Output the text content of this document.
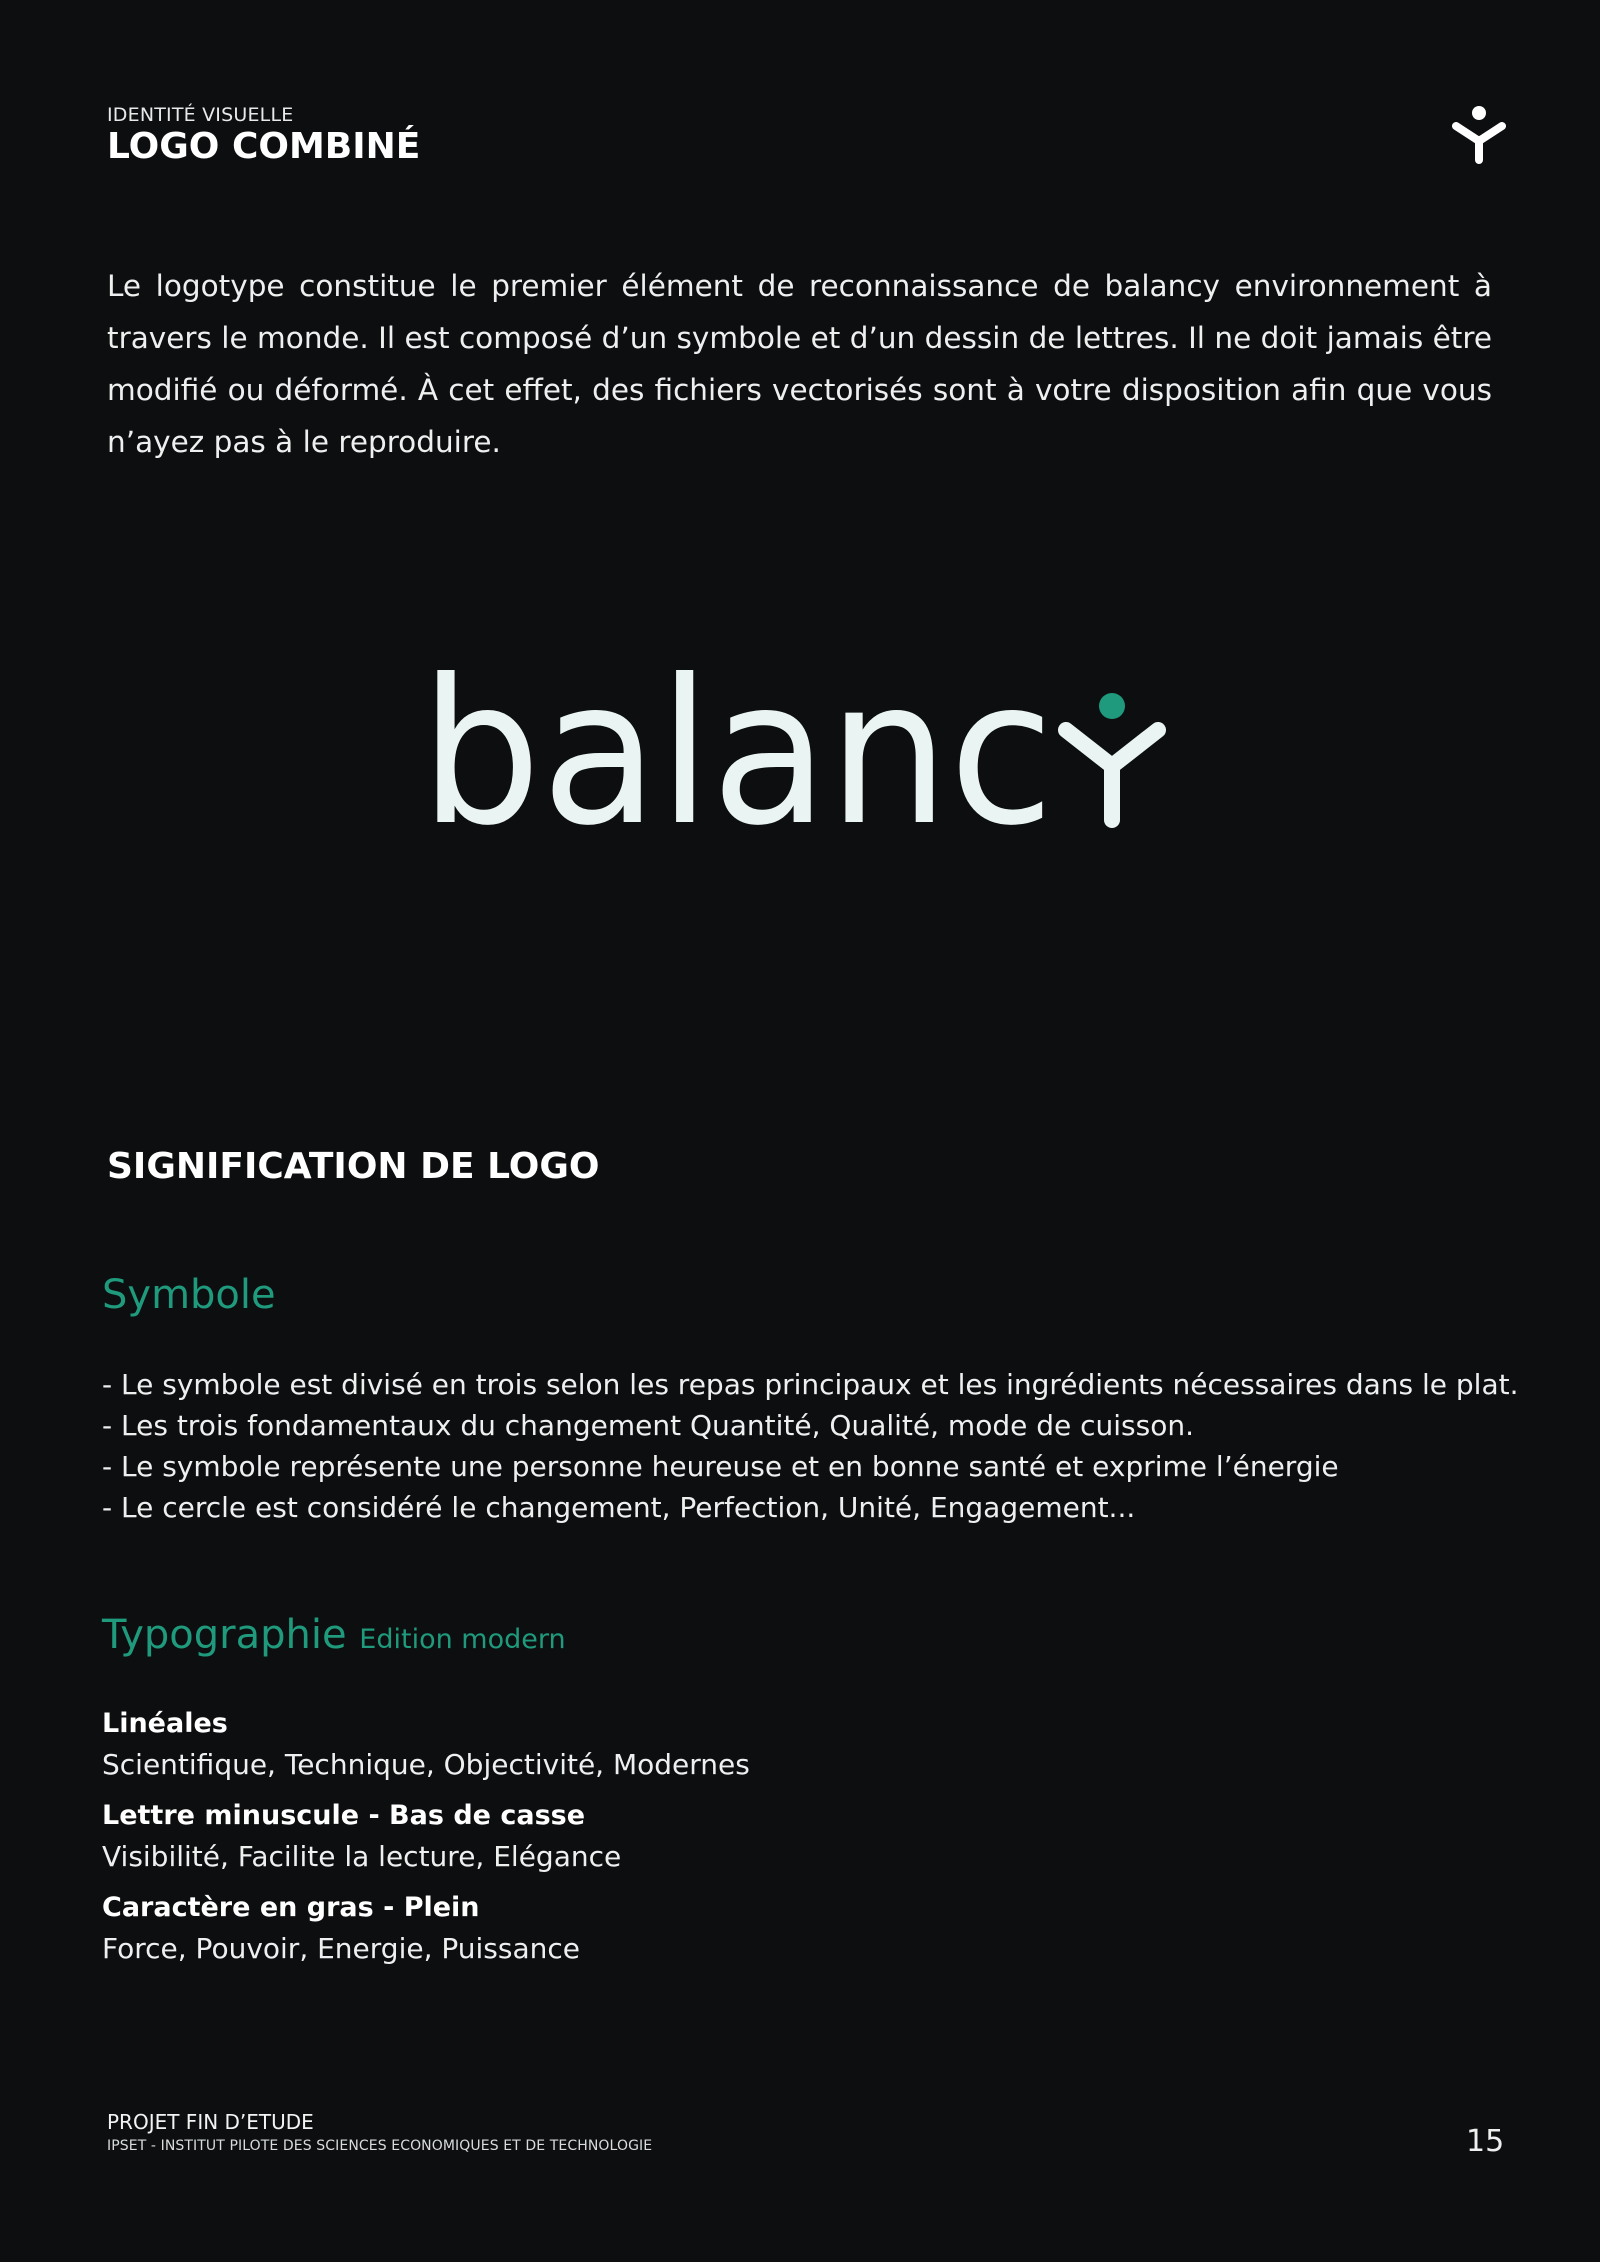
IDENTITÉ VISUELLE
LOGO COMBINÉ

Le logotype constitue le premier élément de reconnaissance de balancy environnement à travers le monde. Il est composé d’un symbole et d’un dessin de lettres. Il ne doit jamais être modifié ou déformé. À cet effet, des fichiers vectorisés sont à votre disposition afin que vous n’ayez pas à le reproduire.

balanc
SIGNIFICATION DE LOGO
Symbole
- Le symbole est divisé en trois selon les repas principaux et les ingrédients nécessaires dans le plat.
- Les trois fondamentaux du changement Quantité, Qualité, mode de cuisson.
- Le symbole représente une personne heureuse et en bonne santé et exprime l’énergie
- Le cercle est considéré le changement, Perfection, Unité, Engagement...
Typographie Edition modern
Linéales
Scientifique, Technique, Objectivité, Modernes
Lettre minuscule - Bas de casse
Visibilité, Facilite la lecture, Elégance
Caractère en gras - Plein
Force, Pouvoir, Energie, Puissance
PROJET FIN D’ETUDE
IPSET - INSTITUT PILOTE DES SCIENCES ECONOMIQUES ET DE TECHNOLOGIE	15
